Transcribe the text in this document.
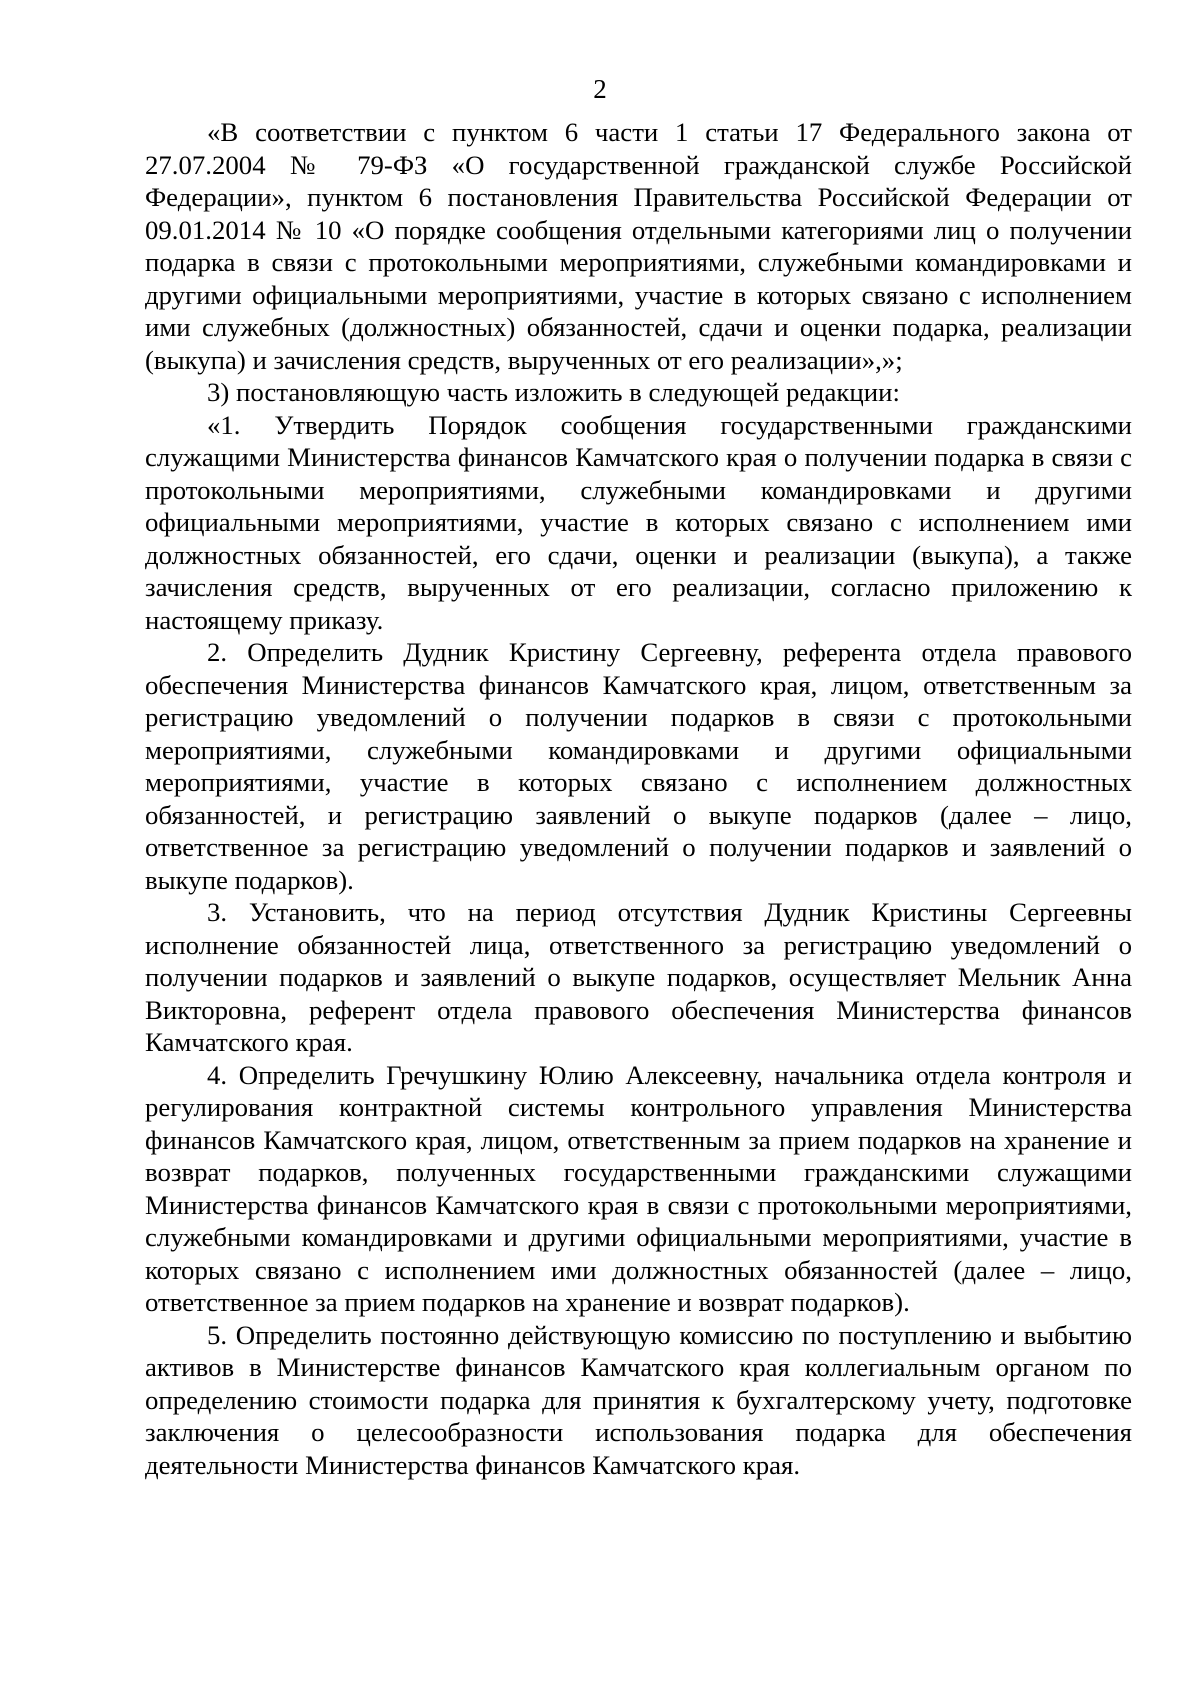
2

«В соответствии с пунктом 6 части 1 статьи 17 Федерального закона от 27.07.2004 № 79-ФЗ «О государственной гражданской службе Российской Федерации», пунктом 6 постановления Правительства Российской Федерации от 09.01.2014 № 10 «О порядке сообщения отдельными категориями лиц о получении подарка в связи с протокольными мероприятиями, служебными командировками и другими официальными мероприятиями, участие в которых связано с исполнением ими служебных (должностных) обязанностей, сдачи и оценки подарка, реализации (выкупа) и зачисления средств, вырученных от его реализации»,»;

3) постановляющую часть изложить в следующей редакции:

«1. Утвердить Порядок сообщения государственными гражданскими служащими Министерства финансов Камчатского края о получении подарка в связи с протокольными мероприятиями, служебными командировками и другими официальными мероприятиями, участие в которых связано с исполнением ими должностных обязанностей, его сдачи, оценки и реализации (выкупа), а также зачисления средств, вырученных от его реализации, согласно приложению к настоящему приказу.

2. Определить Дудник Кристину Сергеевну, референта отдела правового обеспечения Министерства финансов Камчатского края, лицом, ответственным за регистрацию уведомлений о получении подарков в связи с протокольными мероприятиями, служебными командировками и другими официальными мероприятиями, участие в которых связано с исполнением должностных обязанностей, и регистрацию заявлений о выкупе подарков (далее – лицо, ответственное за регистрацию уведомлений о получении подарков и заявлений о выкупе подарков).

3. Установить, что на период отсутствия Дудник Кристины Сергеевны исполнение обязанностей лица, ответственного за регистрацию уведомлений о получении подарков и заявлений о выкупе подарков, осуществляет Мельник Анна Викторовна, референт отдела правового обеспечения Министерства финансов Камчатского края.

4. Определить Гречушкину Юлию Алексеевну, начальника отдела контроля и регулирования контрактной системы контрольного управления Министерства финансов Камчатского края, лицом, ответственным за прием подарков на хранение и возврат подарков, полученных государственными гражданскими служащими Министерства финансов Камчатского края в связи с протокольными мероприятиями, служебными командировками и другими официальными мероприятиями, участие в которых связано с исполнением ими должностных обязанностей (далее – лицо, ответственное за прием подарков на хранение и возврат подарков).

5. Определить постоянно действующую комиссию по поступлению и выбытию активов в Министерстве финансов Камчатского края коллегиальным органом по определению стоимости подарка для принятия к бухгалтерскому учету, подготовке заключения о целесообразности использования подарка для обеспечения деятельности Министерства финансов Камчатского края.
